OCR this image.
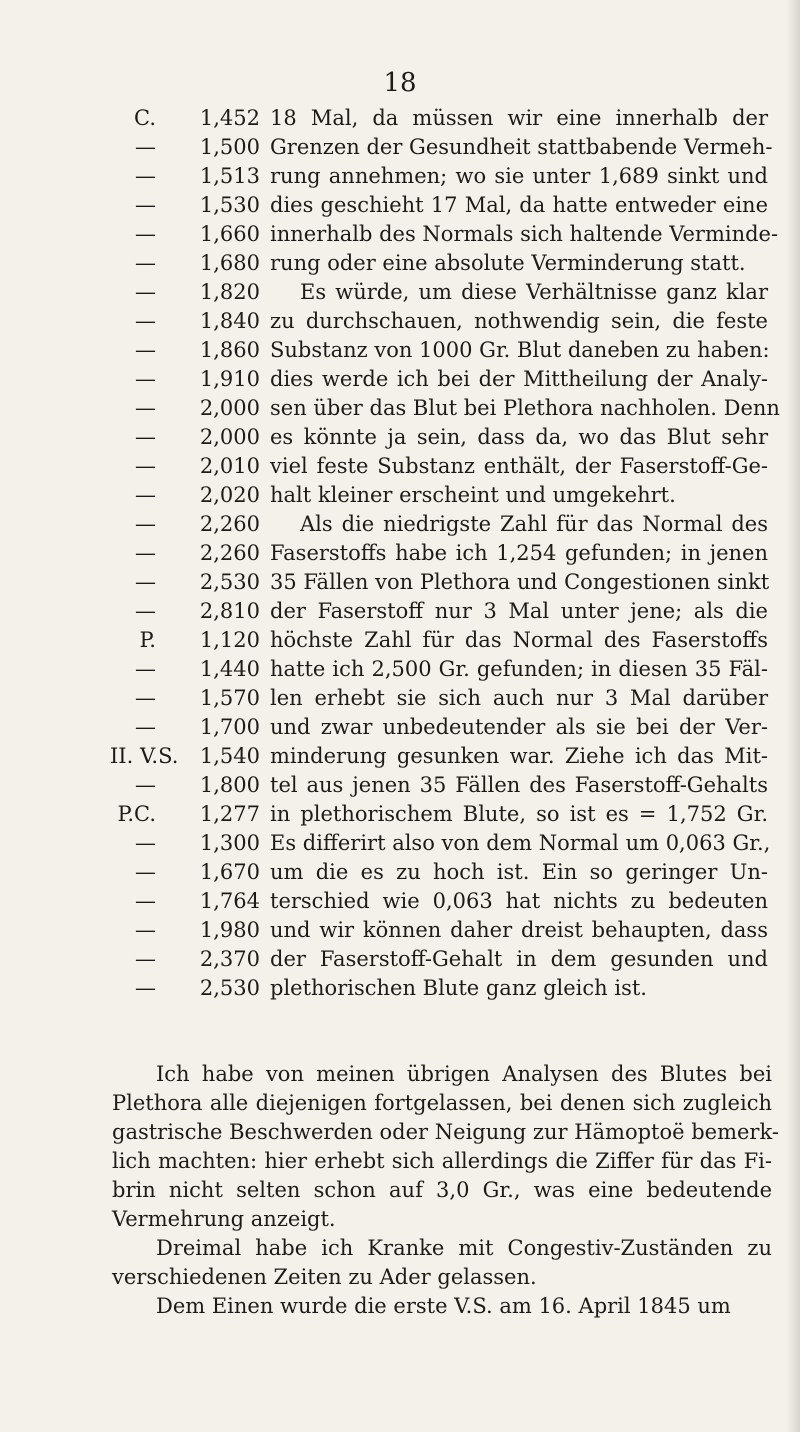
18
C.	1,452
—	1,500
—	1,513
—	1,530
—	1,660
—	1,680
—	1,820
—	1,840
—	1,860
—	1,910
—	2,000
—	2,000
—	2,010
—	2,020
—	2,260
—	2,260
—	2,530
—	2,810
P.	1,120
—	1,440
—	1,570
—	1,700
II. V.S.	1,540
—	1,800
P.C.	1,277
—	1,300
—	1,670
—	1,764
—	1,980
—	2,370
—	2,530
18 Mal, da müssen wir eine innerhalb der
Grenzen der Gesundheit stattbabende Vermeh-
rung annehmen; wo sie unter 1,689 sinkt und
dies geschieht 17 Mal, da hatte entweder eine
innerhalb des Normals sich haltende Verminde-
rung oder eine absolute Verminderung statt.
Es würde, um diese Verhältnisse ganz klar
zu durchschauen, nothwendig sein, die feste
Substanz von 1000 Gr. Blut daneben zu haben:
dies werde ich bei der Mittheilung der Analy-
sen über das Blut bei Plethora nachholen. Denn
es könnte ja sein, dass da, wo das Blut sehr
viel feste Substanz enthält, der Faserstoff-Ge-
halt kleiner erscheint und umgekehrt.
Als die niedrigste Zahl für das Normal des
Faserstoffs habe ich 1,254 gefunden; in jenen
35 Fällen von Plethora und Congestionen sinkt
der Faserstoff nur 3 Mal unter jene; als die
höchste Zahl für das Normal des Faserstoffs
hatte ich 2,500 Gr. gefunden; in diesen 35 Fäl-
len erhebt sie sich auch nur 3 Mal darüber
und zwar unbedeutender als sie bei der Ver-
minderung gesunken war. Ziehe ich das Mit-
tel aus jenen 35 Fällen des Faserstoff-Gehalts
in plethorischem Blute, so ist es = 1,752 Gr.
Es differirt also von dem Normal um 0,063 Gr.,
um die es zu hoch ist. Ein so geringer Un-
terschied wie 0,063 hat nichts zu bedeuten
und wir können daher dreist behaupten, dass
der Faserstoff-Gehalt in dem gesunden und
plethorischen Blute ganz gleich ist.
Ich habe von meinen übrigen Analysen des Blutes bei
Plethora alle diejenigen fortgelassen, bei denen sich zugleich
gastrische Beschwerden oder Neigung zur Hämoptoë bemerk-
lich machten: hier erhebt sich allerdings die Ziffer für das Fi-
brin nicht selten schon auf 3,0 Gr., was eine bedeutende
Vermehrung anzeigt.
Dreimal habe ich Kranke mit Congestiv-Zuständen zu
verschiedenen Zeiten zu Ader gelassen.
Dem Einen wurde die erste V.S. am 16. April 1845 um
